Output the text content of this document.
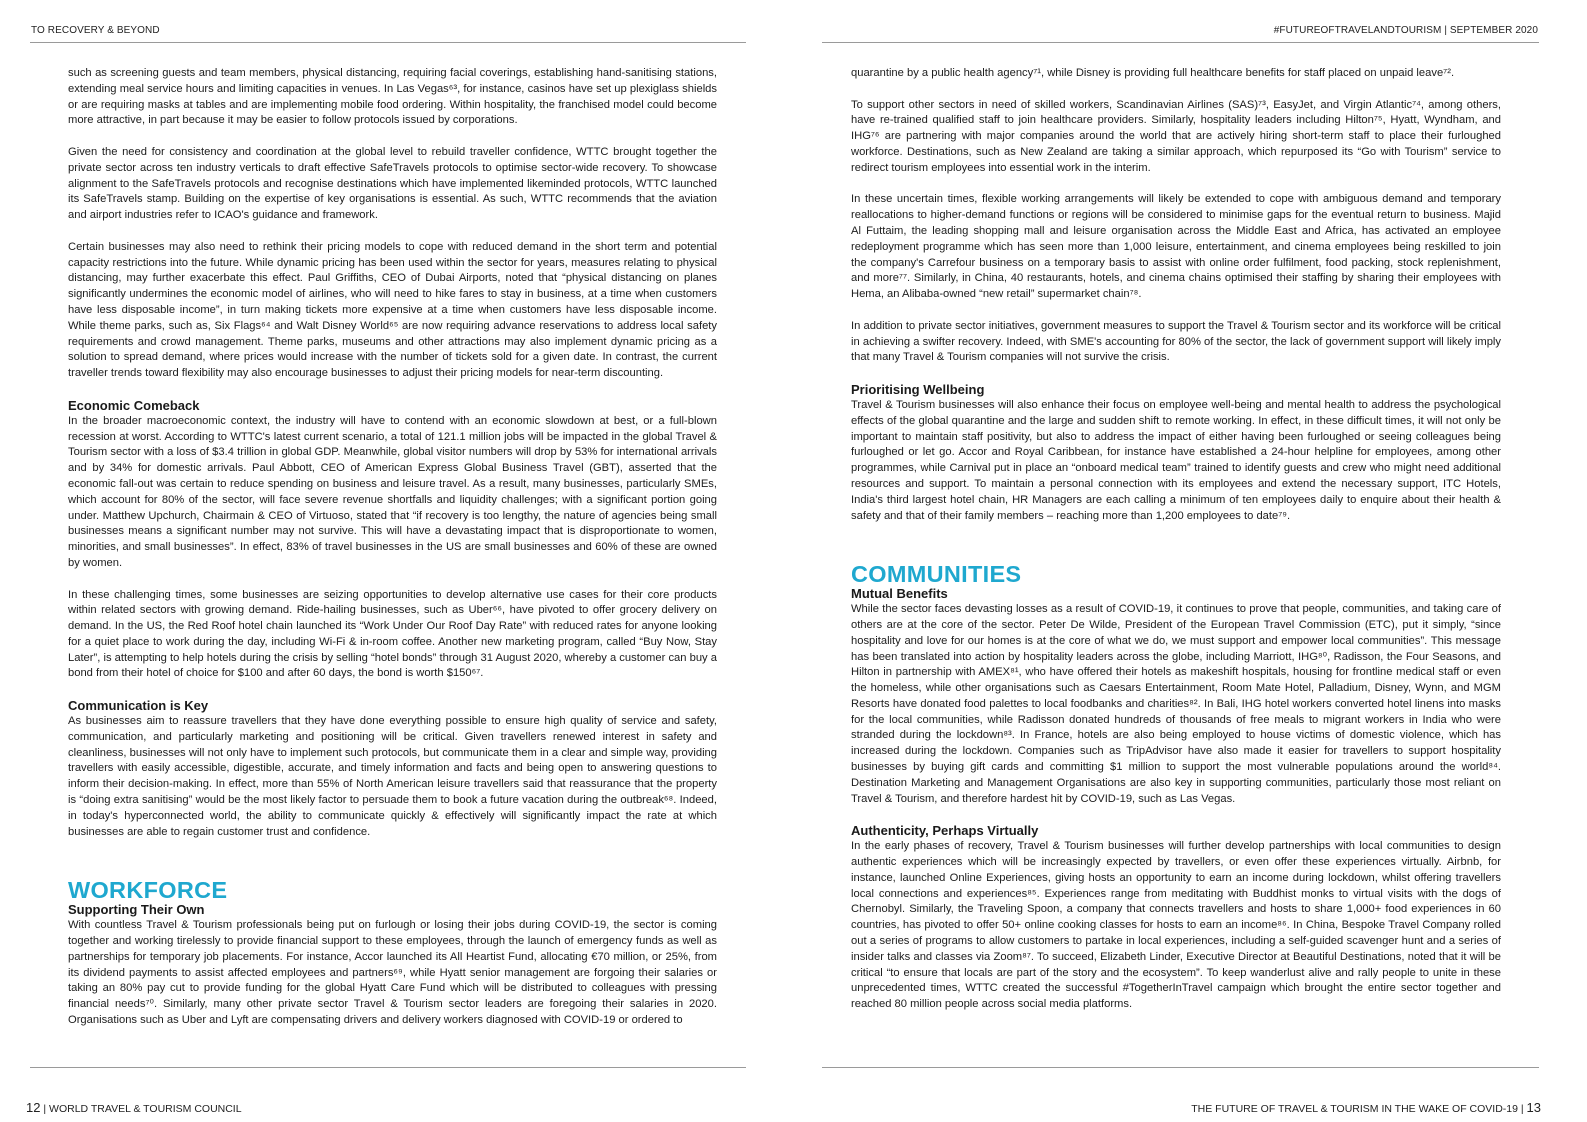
TO RECOVERY & BEYOND	#FUTUREOFTRAVELANDTOURISM | SEPTEMBER 2020

such as screening guests and team members, physical distancing, requiring facial coverings, establishing hand-sanitising stations, extending meal service hours and limiting capacities in venues. In Las Vegas⁶³, for instance, casinos have set up plexiglass shields or are requiring masks at tables and are implementing mobile food ordering. Within hospitality, the franchised model could become more attractive, in part because it may be easier to follow protocols issued by corporations.

Given the need for consistency and coordination at the global level to rebuild traveller confidence, WTTC brought together the private sector across ten industry verticals to draft effective SafeTravels protocols to optimise sector-wide recovery. To showcase alignment to the SafeTravels protocols and recognise destinations which have implemented likeminded protocols, WTTC launched its SafeTravels stamp. Building on the expertise of key organisations is essential. As such, WTTC recommends that the aviation and airport industries refer to ICAO's guidance and framework.

Certain businesses may also need to rethink their pricing models to cope with reduced demand in the short term and potential capacity restrictions into the future. While dynamic pricing has been used within the sector for years, measures relating to physical distancing, may further exacerbate this effect. Paul Griffiths, CEO of Dubai Airports, noted that “physical distancing on planes significantly undermines the economic model of airlines, who will need to hike fares to stay in business, at a time when customers have less disposable income”, in turn making tickets more expensive at a time when customers have less disposable income. While theme parks, such as, Six Flags⁶⁴ and Walt Disney World⁶⁵ are now requiring advance reservations to address local safety requirements and crowd management. Theme parks, museums and other attractions may also implement dynamic pricing as a solution to spread demand, where prices would increase with the number of tickets sold for a given date. In contrast, the current traveller trends toward flexibility may also encourage businesses to adjust their pricing models for near-term discounting.

Economic Comeback

In the broader macroeconomic context, the industry will have to contend with an economic slowdown at best, or a full-blown recession at worst. According to WTTC's latest current scenario, a total of 121.1 million jobs will be impacted in the global Travel & Tourism sector with a loss of $3.4 trillion in global GDP. Meanwhile, global visitor numbers will drop by 53% for international arrivals and by 34% for domestic arrivals. Paul Abbott, CEO of American Express Global Business Travel (GBT), asserted that the economic fall-out was certain to reduce spending on business and leisure travel. As a result, many businesses, particularly SMEs, which account for 80% of the sector, will face severe revenue shortfalls and liquidity challenges; with a significant portion going under. Matthew Upchurch, Chairmain & CEO of Virtuoso, stated that “if recovery is too lengthy, the nature of agencies being small businesses means a significant number may not survive. This will have a devastating impact that is disproportionate to women, minorities, and small businesses”. In effect, 83% of travel businesses in the US are small businesses and 60% of these are owned by women.

In these challenging times, some businesses are seizing opportunities to develop alternative use cases for their core products within related sectors with growing demand. Ride-hailing businesses, such as Uber⁶⁶, have pivoted to offer grocery delivery on demand. In the US, the Red Roof hotel chain launched its “Work Under Our Roof Day Rate” with reduced rates for anyone looking for a quiet place to work during the day, including Wi-Fi & in-room coffee. Another new marketing program, called “Buy Now, Stay Later”, is attempting to help hotels during the crisis by selling “hotel bonds” through 31 August 2020, whereby a customer can buy a bond from their hotel of choice for $100 and after 60 days, the bond is worth $150⁶⁷.

Communication is Key

As businesses aim to reassure travellers that they have done everything possible to ensure high quality of service and safety, communication, and particularly marketing and positioning will be critical. Given travellers renewed interest in safety and cleanliness, businesses will not only have to implement such protocols, but communicate them in a clear and simple way, providing travellers with easily accessible, digestible, accurate, and timely information and facts and being open to answering questions to inform their decision-making. In effect, more than 55% of North American leisure travellers said that reassurance that the property is “doing extra sanitising” would be the most likely factor to persuade them to book a future vacation during the outbreak⁶⁸. Indeed, in today's hyperconnected world, the ability to communicate quickly & effectively will significantly impact the rate at which businesses are able to regain customer trust and confidence.

WORKFORCE
Supporting Their Own

With countless Travel & Tourism professionals being put on furlough or losing their jobs during COVID-19, the sector is coming together and working tirelessly to provide financial support to these employees, through the launch of emergency funds as well as partnerships for temporary job placements. For instance, Accor launched its All Heartist Fund, allocating €70 million, or 25%, from its dividend payments to assist affected employees and partners⁶⁹, while Hyatt senior management are forgoing their salaries or taking an 80% pay cut to provide funding for the global Hyatt Care Fund which will be distributed to colleagues with pressing financial needs⁷⁰. Similarly, many other private sector Travel & Tourism sector leaders are foregoing their salaries in 2020. Organisations such as Uber and Lyft are compensating drivers and delivery workers diagnosed with COVID-19 or ordered to

quarantine by a public health agency⁷¹, while Disney is providing full healthcare benefits for staff placed on unpaid leave⁷².

To support other sectors in need of skilled workers, Scandinavian Airlines (SAS)⁷³, EasyJet, and Virgin Atlantic⁷⁴, among others, have re-trained qualified staff to join healthcare providers. Similarly, hospitality leaders including Hilton⁷⁵, Hyatt, Wyndham, and IHG⁷⁶ are partnering with major companies around the world that are actively hiring short-term staff to place their furloughed workforce. Destinations, such as New Zealand are taking a similar approach, which repurposed its “Go with Tourism” service to redirect tourism employees into essential work in the interim.

In these uncertain times, flexible working arrangements will likely be extended to cope with ambiguous demand and temporary reallocations to higher-demand functions or regions will be considered to minimise gaps for the eventual return to business. Majid Al Futtaim, the leading shopping mall and leisure organisation across the Middle East and Africa, has activated an employee redeployment programme which has seen more than 1,000 leisure, entertainment, and cinema employees being reskilled to join the company's Carrefour business on a temporary basis to assist with online order fulfilment, food packing, stock replenishment, and more⁷⁷. Similarly, in China, 40 restaurants, hotels, and cinema chains optimised their staffing by sharing their employees with Hema, an Alibaba-owned “new retail” supermarket chain⁷⁸.

In addition to private sector initiatives, government measures to support the Travel & Tourism sector and its workforce will be critical in achieving a swifter recovery. Indeed, with SME's accounting for 80% of the sector, the lack of government support will likely imply that many Travel & Tourism companies will not survive the crisis.

Prioritising Wellbeing

Travel & Tourism businesses will also enhance their focus on employee well-being and mental health to address the psychological effects of the global quarantine and the large and sudden shift to remote working. In effect, in these difficult times, it will not only be important to maintain staff positivity, but also to address the impact of either having been furloughed or seeing colleagues being furloughed or let go. Accor and Royal Caribbean, for instance have established a 24-hour helpline for employees, among other programmes, while Carnival put in place an “onboard medical team” trained to identify guests and crew who might need additional resources and support. To maintain a personal connection with its employees and extend the necessary support, ITC Hotels, India's third largest hotel chain, HR Managers are each calling a minimum of ten employees daily to enquire about their health & safety and that of their family members – reaching more than 1,200 employees to date⁷⁹.

COMMUNITIES
Mutual Benefits

While the sector faces devasting losses as a result of COVID-19, it continues to prove that people, communities, and taking care of others are at the core of the sector. Peter De Wilde, President of the European Travel Commission (ETC), put it simply, “since hospitality and love for our homes is at the core of what we do, we must support and empower local communities”. This message has been translated into action by hospitality leaders across the globe, including Marriott, IHG⁸⁰, Radisson, the Four Seasons, and Hilton in partnership with AMEX⁸¹, who have offered their hotels as makeshift hospitals, housing for frontline medical staff or even the homeless, while other organisations such as Caesars Entertainment, Room Mate Hotel, Palladium, Disney, Wynn, and MGM Resorts have donated food palettes to local foodbanks and charities⁸². In Bali, IHG hotel workers converted hotel linens into masks for the local communities, while Radisson donated hundreds of thousands of free meals to migrant workers in India who were stranded during the lockdown⁸³. In France, hotels are also being employed to house victims of domestic violence, which has increased during the lockdown. Companies such as TripAdvisor have also made it easier for travellers to support hospitality businesses by buying gift cards and committing $1 million to support the most vulnerable populations around the world⁸⁴. Destination Marketing and Management Organisations are also key in supporting communities, particularly those most reliant on Travel & Tourism, and therefore hardest hit by COVID-19, such as Las Vegas.

Authenticity, Perhaps Virtually

In the early phases of recovery, Travel & Tourism businesses will further develop partnerships with local communities to design authentic experiences which will be increasingly expected by travellers, or even offer these experiences virtually. Airbnb, for instance, launched Online Experiences, giving hosts an opportunity to earn an income during lockdown, whilst offering travellers local connections and experiences⁸⁵. Experiences range from meditating with Buddhist monks to virtual visits with the dogs of Chernobyl. Similarly, the Traveling Spoon, a company that connects travellers and hosts to share 1,000+ food experiences in 60 countries, has pivoted to offer 50+ online cooking classes for hosts to earn an income⁸⁶. In China, Bespoke Travel Company rolled out a series of programs to allow customers to partake in local experiences, including a self-guided scavenger hunt and a series of insider talks and classes via Zoom⁸⁷. To succeed, Elizabeth Linder, Executive Director at Beautiful Destinations, noted that it will be critical “to ensure that locals are part of the story and the ecosystem”. To keep wanderlust alive and rally people to unite in these unprecedented times, WTTC created the successful #TogetherInTravel campaign which brought the entire sector together and reached 80 million people across social media platforms.

12 | WORLD TRAVEL & TOURISM COUNCIL	THE FUTURE OF TRAVEL & TOURISM IN THE WAKE OF COVID-19 | 13
